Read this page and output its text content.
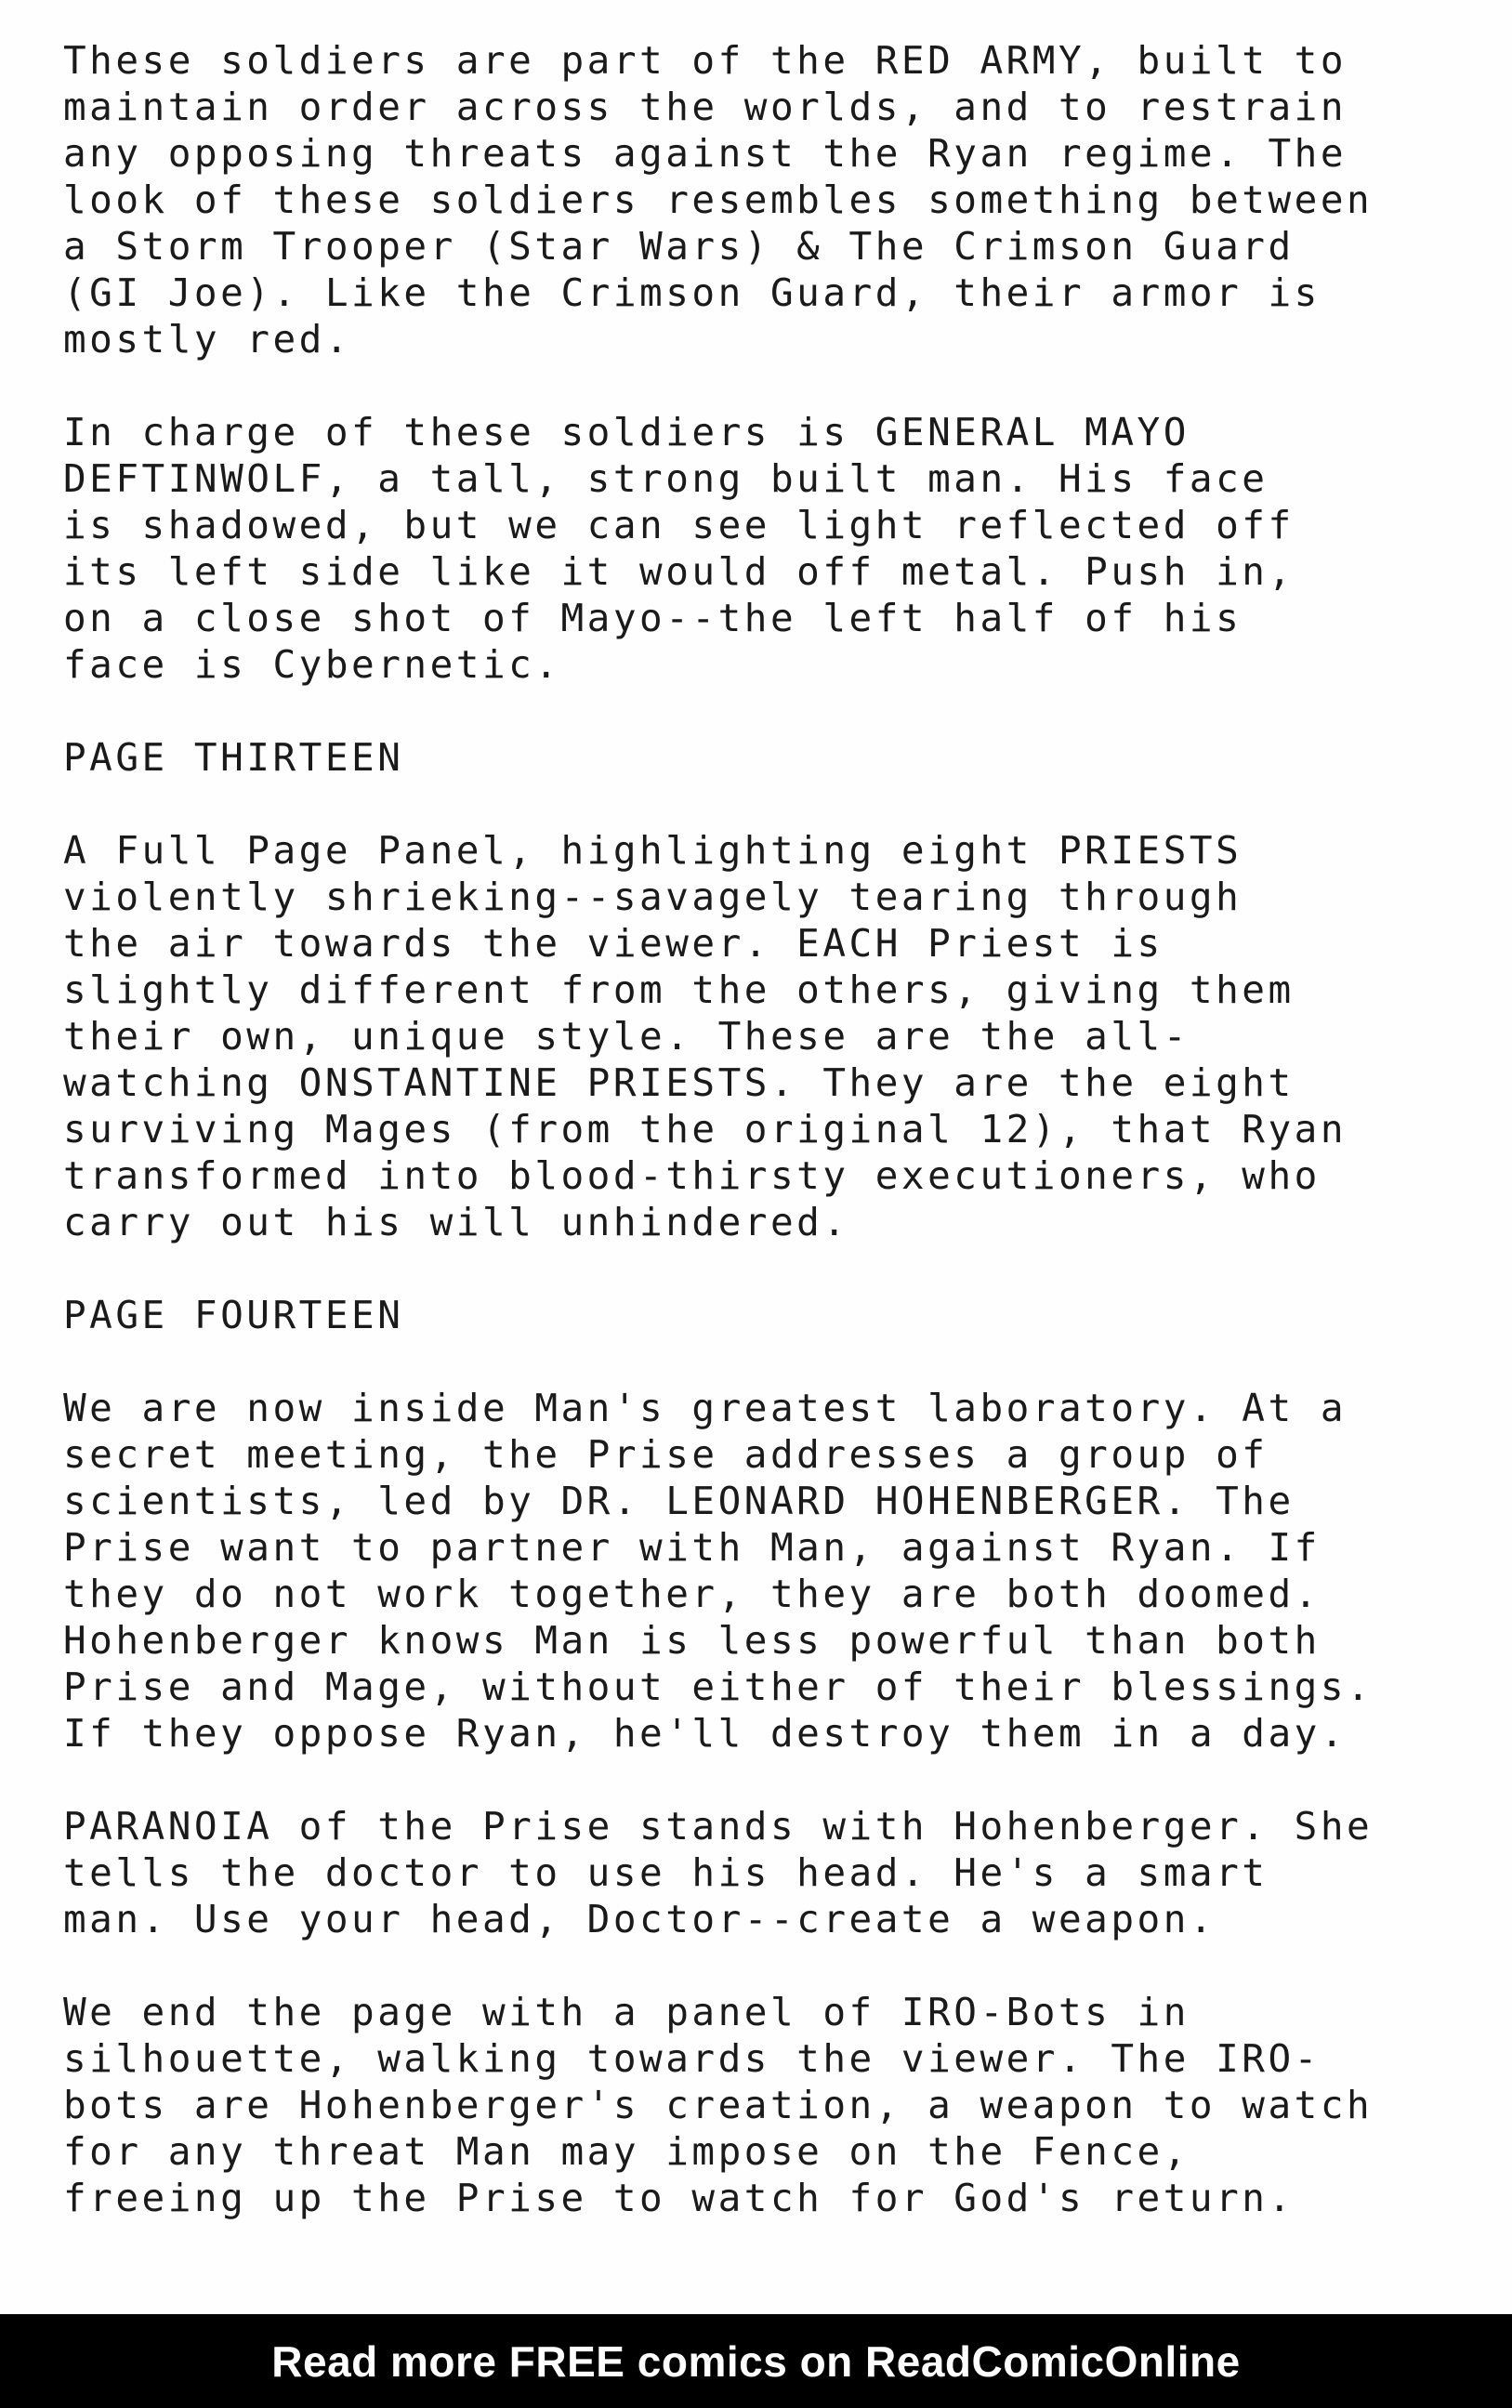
These soldiers are part of the RED ARMY, built to
maintain order across the worlds, and to restrain
any opposing threats against the Ryan regime. The
look of these soldiers resembles something between
a Storm Trooper (Star Wars) & The Crimson Guard
(GI Joe). Like the Crimson Guard, their armor is
mostly red.

In charge of these soldiers is GENERAL MAYO
DEFTINWOLF, a tall, strong built man. His face
is shadowed, but we can see light reflected off
its left side like it would off metal. Push in,
on a close shot of Mayo--the left half of his
face is Cybernetic.

PAGE THIRTEEN

A Full Page Panel, highlighting eight PRIESTS
violently shrieking--savagely tearing through
the air towards the viewer. EACH Priest is
slightly different from the others, giving them
their own, unique style. These are the all-
watching ONSTANTINE PRIESTS. They are the eight
surviving Mages (from the original 12), that Ryan
transformed into blood-thirsty executioners, who
carry out his will unhindered.

PAGE FOURTEEN

We are now inside Man's greatest laboratory. At a
secret meeting, the Prise addresses a group of
scientists, led by DR. LEONARD HOHENBERGER. The
Prise want to partner with Man, against Ryan. If
they do not work together, they are both doomed.
Hohenberger knows Man is less powerful than both
Prise and Mage, without either of their blessings.
If they oppose Ryan, he'll destroy them in a day.

PARANOIA of the Prise stands with Hohenberger. She
tells the doctor to use his head. He's a smart
man. Use your head, Doctor--create a weapon.

We end the page with a panel of IRO-Bots in
silhouette, walking towards the viewer. The IRO-
bots are Hohenberger's creation, a weapon to watch
for any threat Man may impose on the Fence,
freeing up the Prise to watch for God's return.

Read more FREE comics on ReadComicOnline
